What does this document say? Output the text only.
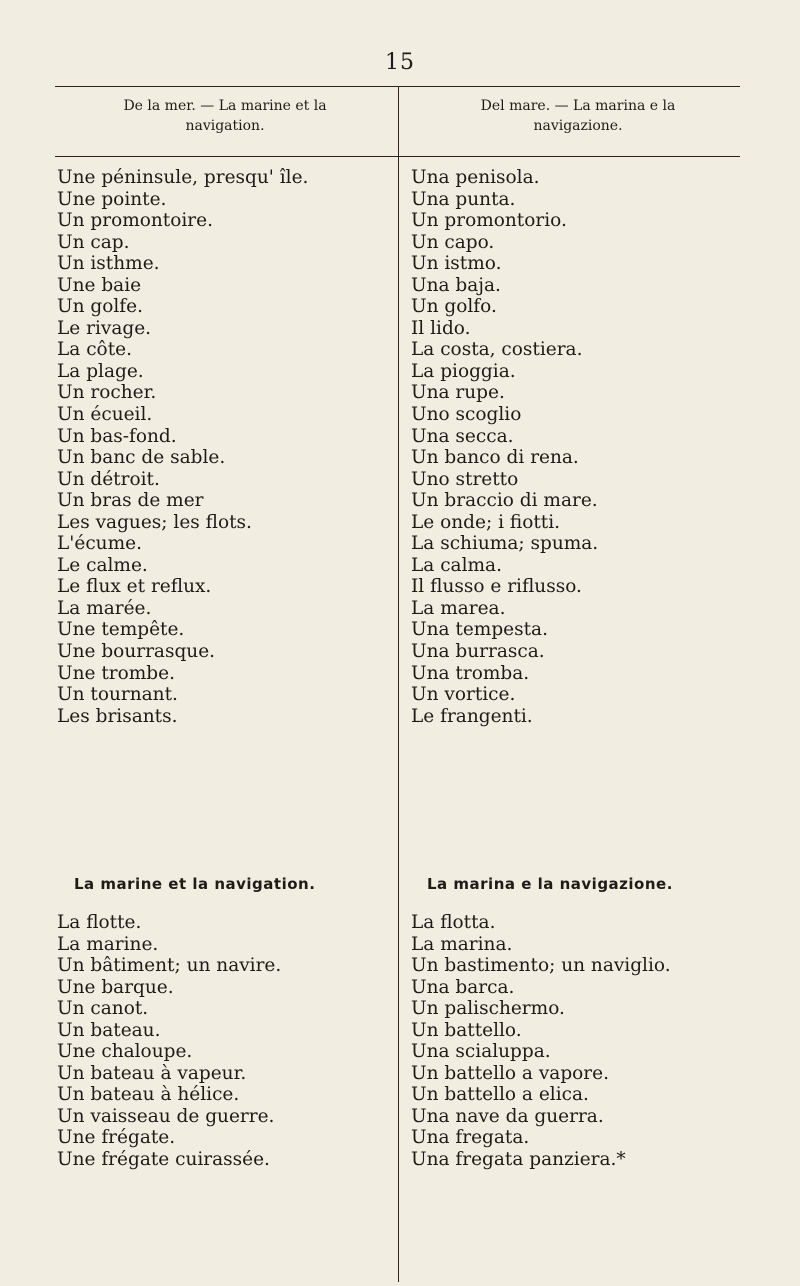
15
De la mer. — La marine et la
navigation.
Del mare. — La marina e la
navigazione.
Une péninsule, presqu' île.
Une pointe.
Un promontoire.
Un cap.
Un isthme.
Une baie
Un golfe.
Le rivage.
La côte.
La plage.
Un rocher.
Un écueil.
Un bas-fond.
Un banc de sable.
Un détroit.
Un bras de mer
Les vagues; les flots.
L'écume.
Le calme.
Le flux et reflux.
La marée.
Une tempête.
Une bourrasque.
Une trombe.
Un tournant.
Les brisants.
Una penisola.
Una punta.
Un promontorio.
Un capo.
Un istmo.
Una baja.
Un golfo.
Il lido.
La costa, costiera.
La pioggia.
Una rupe.
Uno scoglio
Una secca.
Un banco di rena.
Uno stretto
Un braccio di mare.
Le onde; i fiotti.
La schiuma; spuma.
La calma.
Il flusso e riflusso.
La marea.
Una tempesta.
Una burrasca.
Una tromba.
Un vortice.
Le frangenti.
La marine et la navigation.	La marina e la navigazione.
La flotte.
La marine.
Un bâtiment; un navire.
Une barque.
Un canot.
Un bateau.
Une chaloupe.
Un bateau à vapeur.
Un bateau à hélice.
Un vaisseau de guerre.
Une frégate.
Une frégate cuirassée.
La flotta.
La marina.
Un bastimento; un naviglio.
Una barca.
Un palischermo.
Un battello.
Una scialuppa.
Un battello a vapore.
Un battello a elica.
Una nave da guerra.
Una fregata.
Una fregata panziera.*
